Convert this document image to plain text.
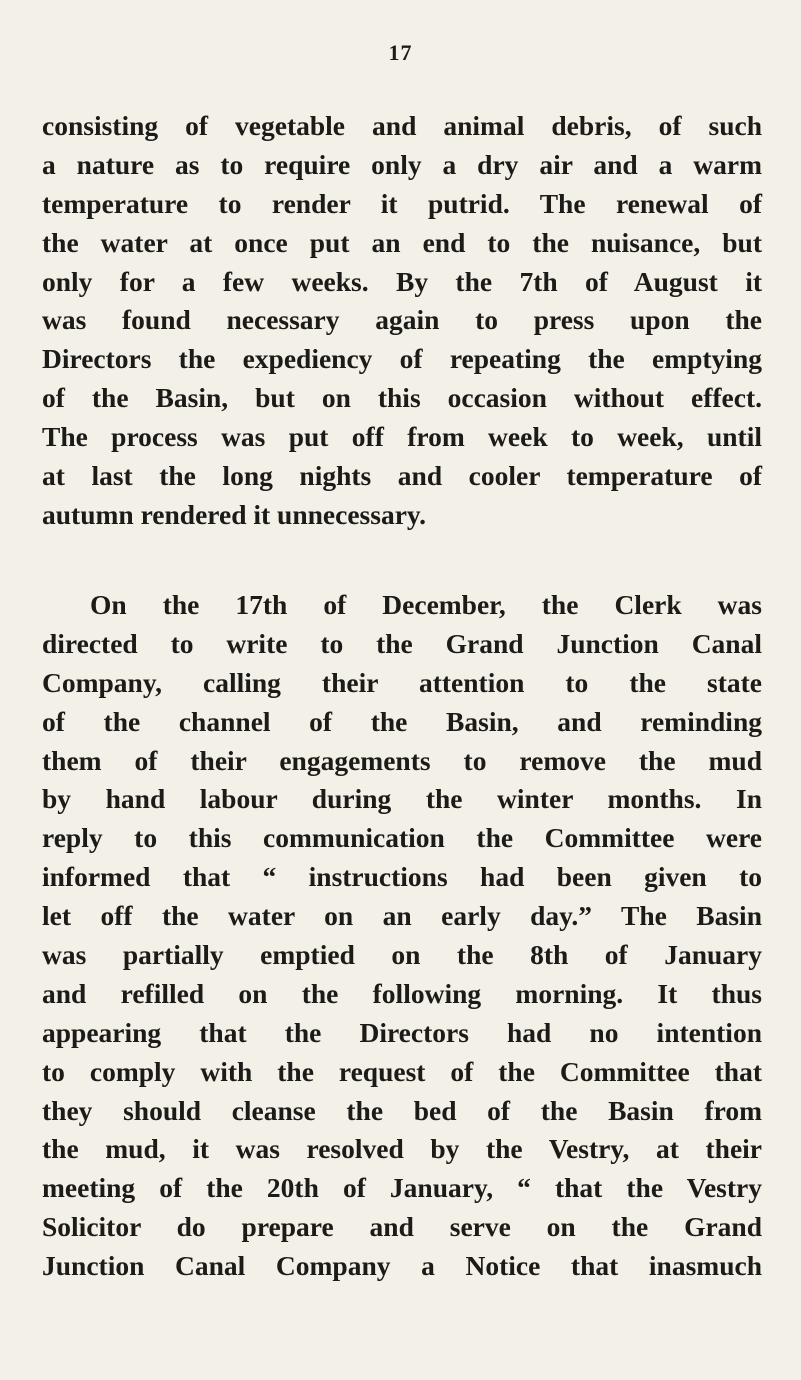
17
consisting of vegetable and animal debris, of such
a nature as to require only a dry air and a warm
temperature to render it putrid. The renewal of
the water at once put an end to the nuisance, but
only for a few weeks. By the 7th of August it
was found necessary again to press upon the
Directors the expediency of repeating the emptying
of the Basin, but on this occasion without effect.
The process was put off from week to week, until
at last the long nights and cooler temperature of
autumn rendered it unnecessary.
On the 17th of December, the Clerk was
directed to write to the Grand Junction Canal
Company, calling their attention to the state
of the channel of the Basin, and reminding
them of their engagements to remove the mud
by hand labour during the winter months. In
reply to this communication the Committee were
informed that “ instructions had been given to
let off the water on an early day.” The Basin
was partially emptied on the 8th of January
and refilled on the following morning. It thus
appearing that the Directors had no intention
to comply with the request of the Committee that
they should cleanse the bed of the Basin from
the mud, it was resolved by the Vestry, at their
meeting of the 20th of January, “ that the Vestry
Solicitor do prepare and serve on the Grand
Junction Canal Company a Notice that inasmuch
